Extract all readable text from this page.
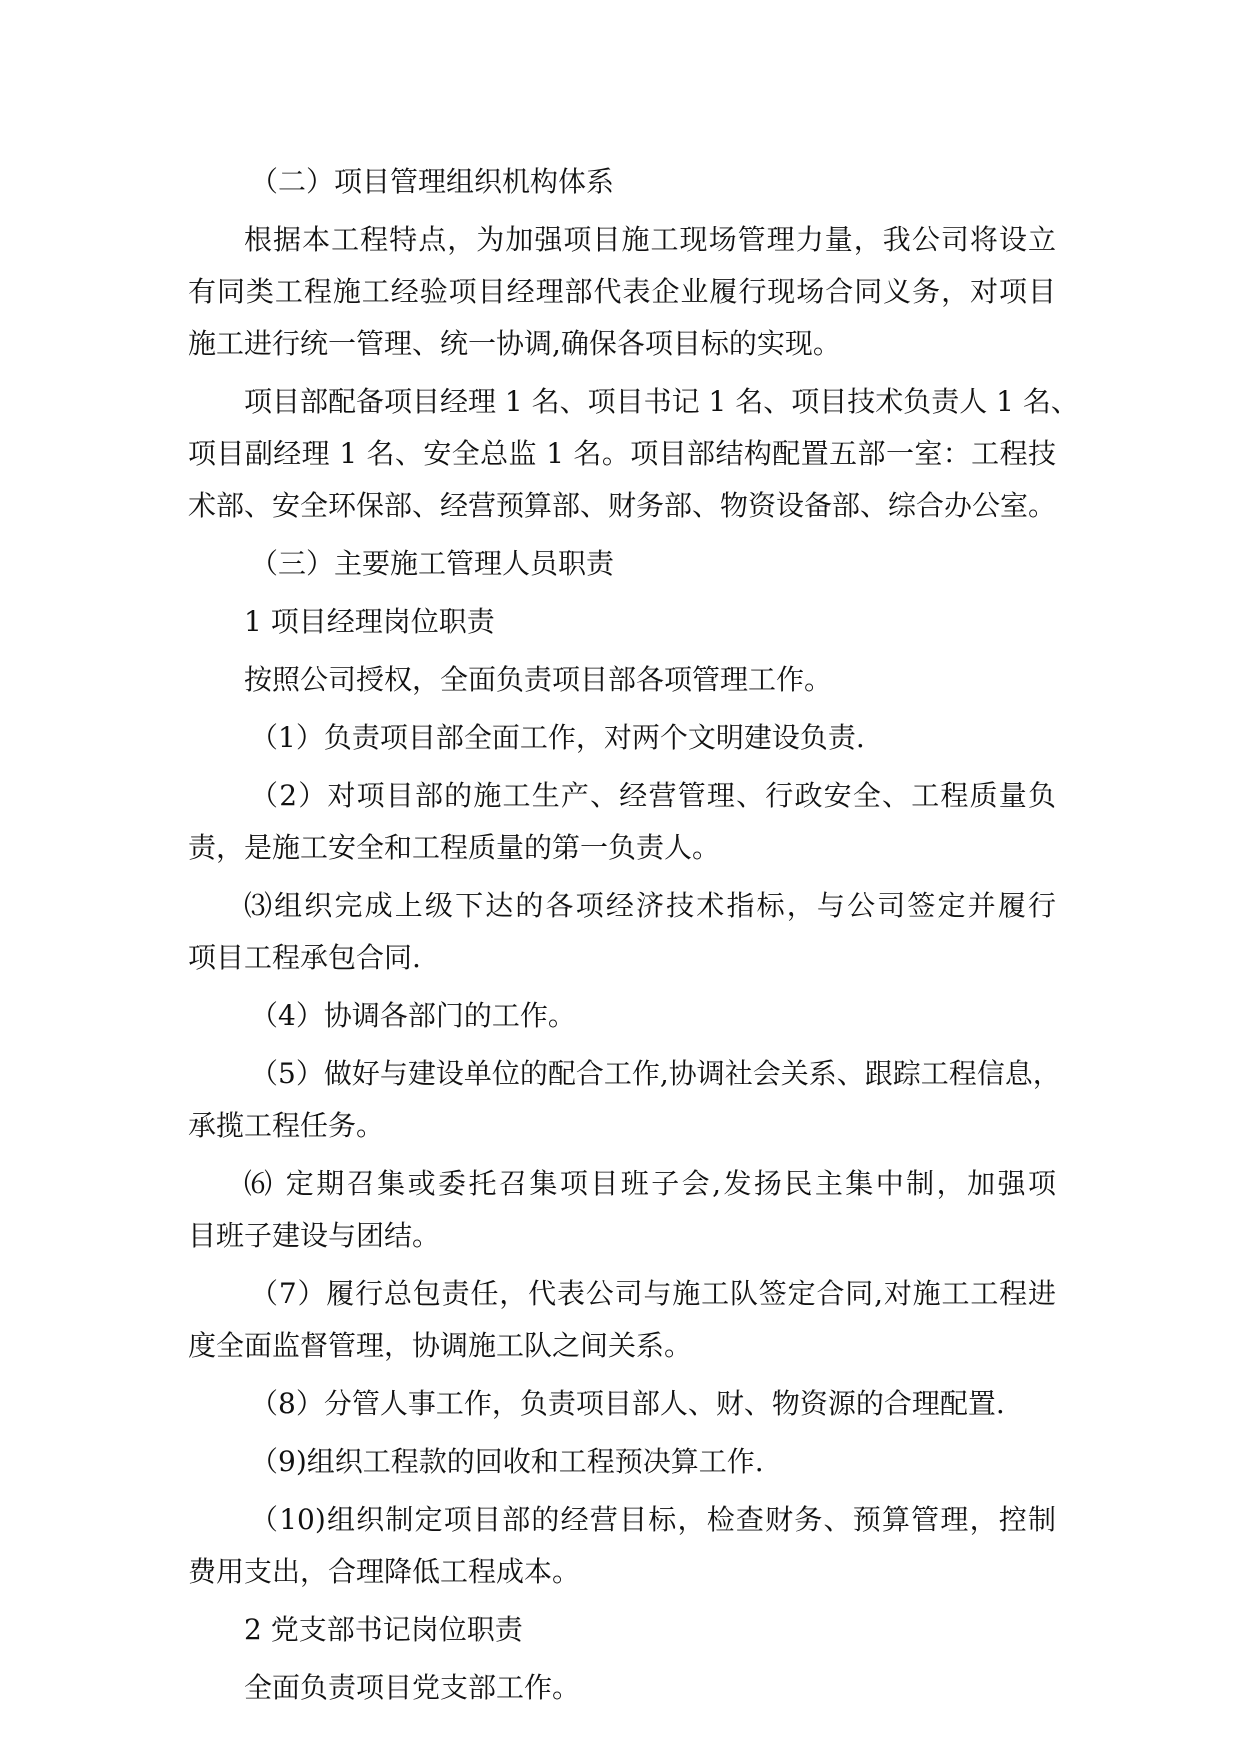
（二）项目管理组织机构体系

根据本工程特点，为加强项目施工现场管理力量，我公司将设立

有同类工程施工经验项目经理部代表企业履行现场合同义务，对项目

施工进行统一管理、统一协调,确保各项目标的实现。

项目部配备项目经理 1 名、项目书记 1 名、项目技术负责人 1 名、

项目副经理 1 名、安全总监 1 名。项目部结构配置五部一室：工程技

术部、安全环保部、经营预算部、财务部、物资设备部、综合办公室。

（三）主要施工管理人员职责

1 项目经理岗位职责

按照公司授权，全面负责项目部各项管理工作。

（1）负责项目部全面工作，对两个文明建设负责.

（2）对项目部的施工生产、经营管理、行政安全、工程质量负

责，是施工安全和工程质量的第一负责人。

⑶组织完成上级下达的各项经济技术指标，与公司签定并履行

项目工程承包合同.

（4）协调各部门的工作。

（5）做好与建设单位的配合工作,协调社会关系、跟踪工程信息，

承揽工程任务。

⑹ 定期召集或委托召集项目班子会,发扬民主集中制，加强项

目班子建设与团结。

（7）履行总包责任，代表公司与施工队签定合同,对施工工程进

度全面监督管理，协调施工队之间关系。

（8）分管人事工作，负责项目部人、财、物资源的合理配置.

（9)组织工程款的回收和工程预决算工作.

（10)组织制定项目部的经营目标，检查财务、预算管理，控制

费用支出，合理降低工程成本。

2 党支部书记岗位职责

全面负责项目党支部工作。
